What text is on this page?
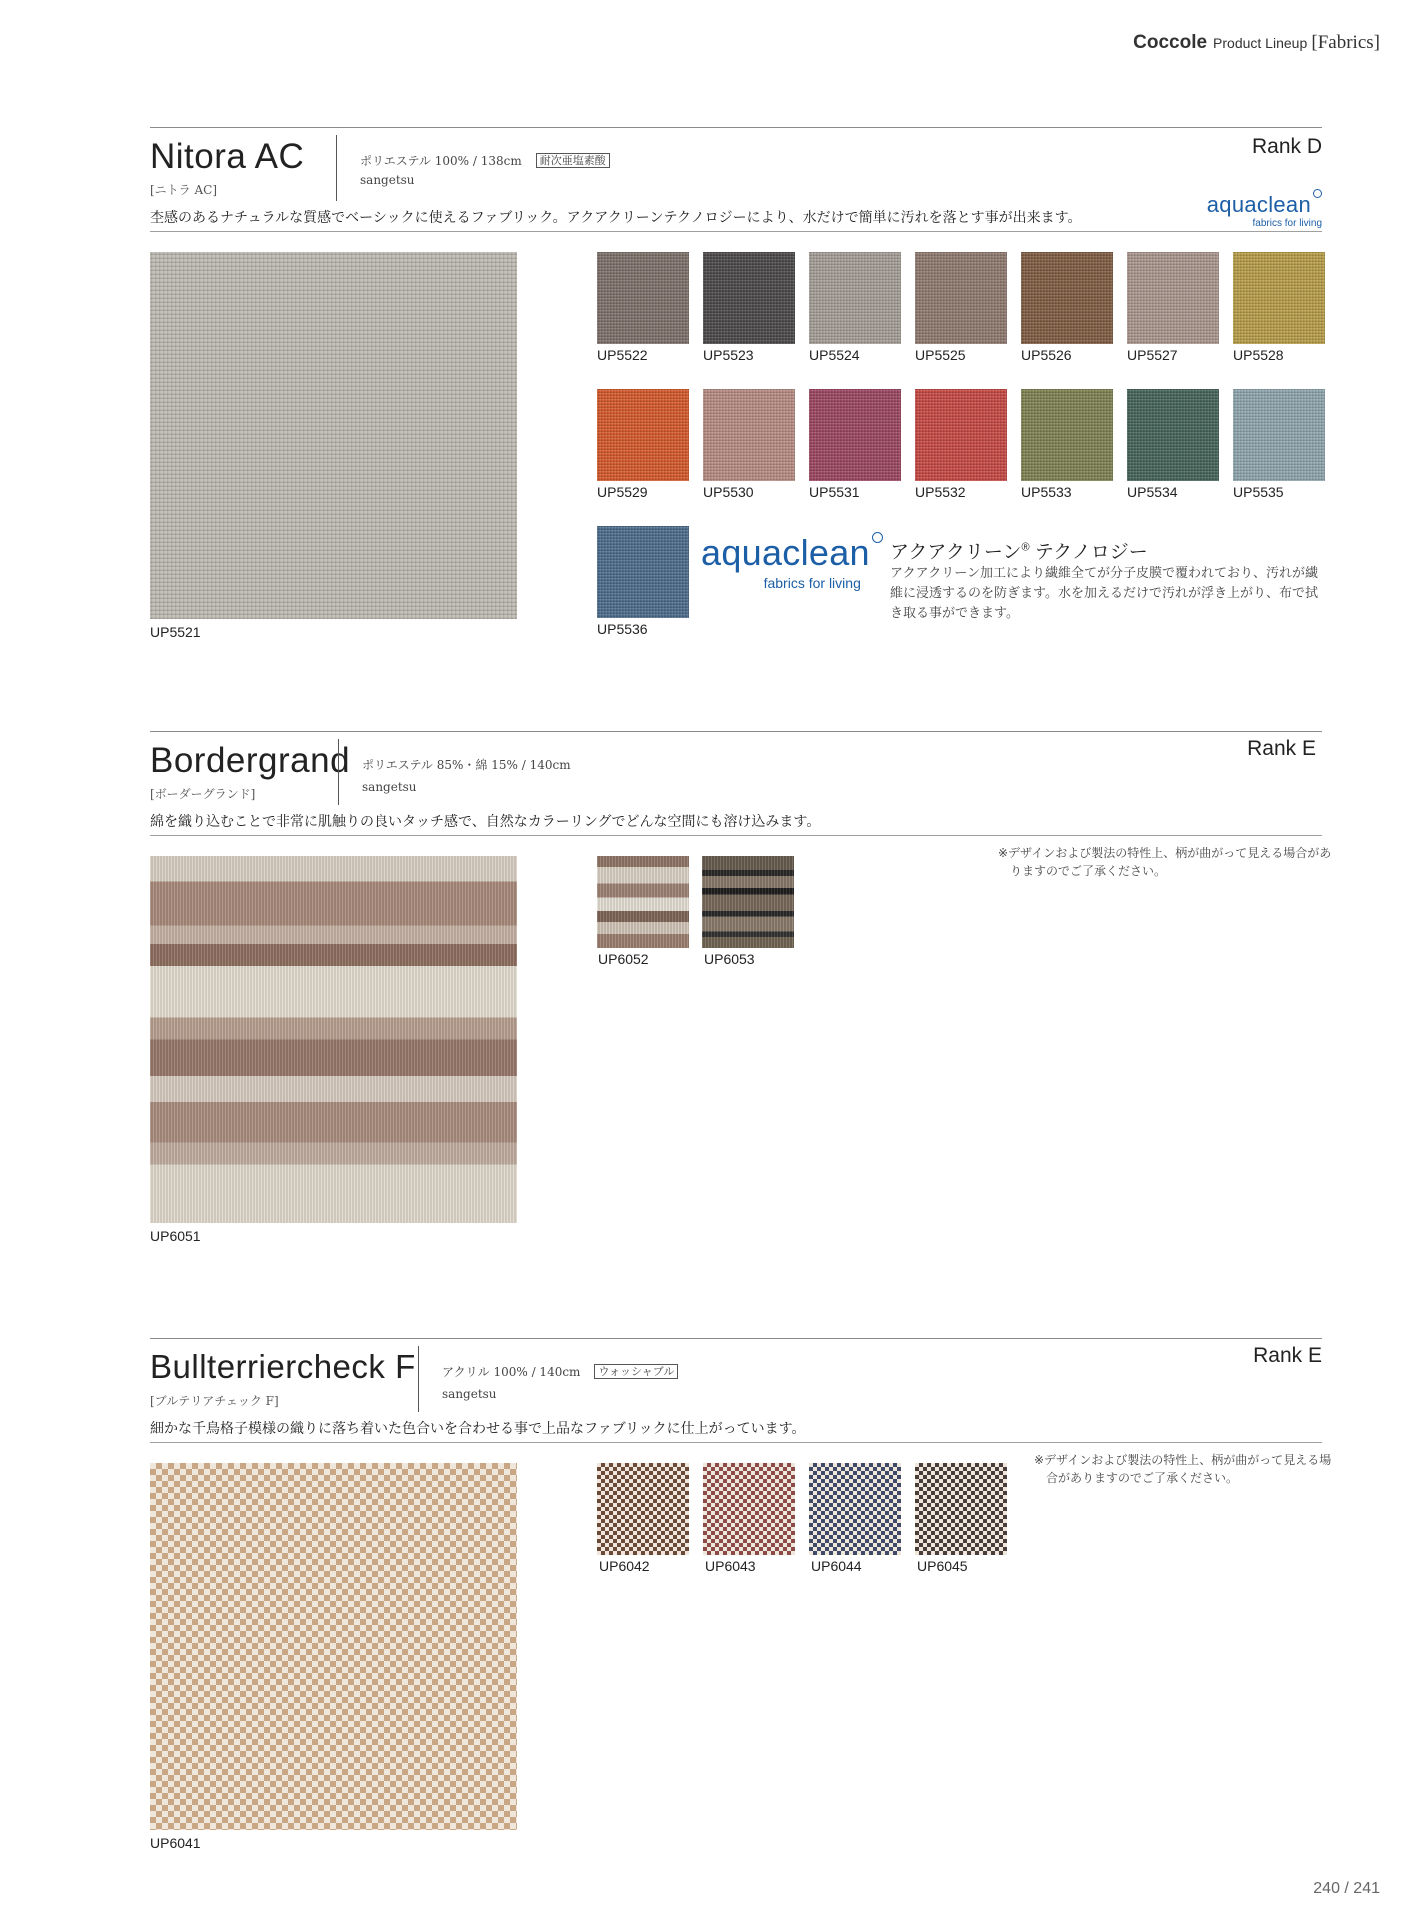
Coccole Product Lineup [Fabrics]
Nitora AC
[ニトラ AC]
ポリエステル 100% / 138cm 耐次亜塩素酸
sangetsu
Rank D
aquaclean
fabrics for living
杢感のあるナチュラルな質感でベーシックに使えるファブリック。アクアクリーンテクノロジーにより、水だけで簡単に汚れを落とす事が出来ます。
UP5521
UP5522	UP5523	UP5524	UP5525	UP5526	UP5527	UP5528
UP5529	UP5530	UP5531	UP5532	UP5533	UP5534	UP5535
UP5536
aquaclean
fabrics for living
アクアクリーン® テクノロジー
アクアクリーン加工により繊維全てが分子皮膜で覆われており、汚れが繊維に浸透するのを防ぎます。水を加えるだけで汚れが浮き上がり、布で拭き取る事ができます。
Bordergrand
[ボーダーグランド]
ポリエステル 85%・綿 15% / 140cm
sangetsu
Rank E
綿を織り込むことで非常に肌触りの良いタッチ感で、自然なカラーリングでどんな空間にも溶け込みます。
UP6051
UP6052	UP6053
※デザインおよび製法の特性上、柄が曲がって見える場合がありますのでご了承ください。
Bullterriercheck F
[ブルテリアチェック F]
アクリル 100% / 140cm ウォッシャブル
sangetsu
Rank E
細かな千鳥格子模様の織りに落ち着いた色合いを合わせる事で上品なファブリックに仕上がっています。
UP6041
UP6042	UP6043	UP6044	UP6045
※デザインおよび製法の特性上、柄が曲がって見える場合がありますのでご了承ください。
240 / 241
